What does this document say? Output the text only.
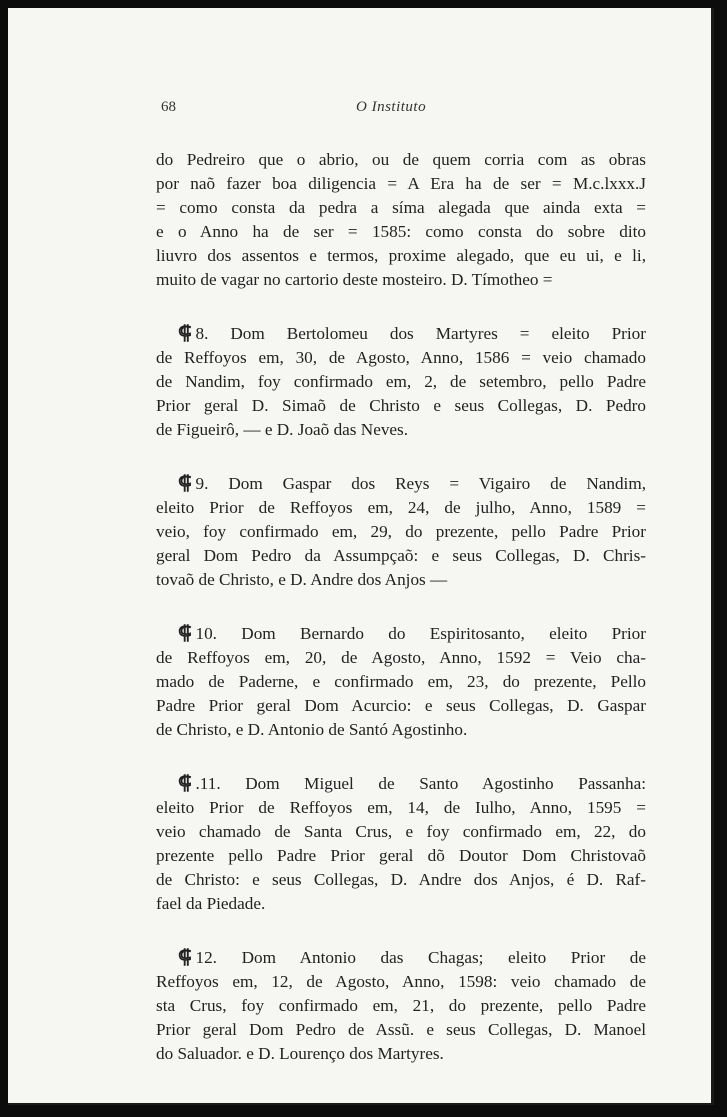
68	O Instituto

do Pedreiro que o abrio, ou de quem corria com as obras
por naõ fazer boa diligencia = A Era ha de ser = M.c.lxxx.J
= como consta da pedra a síma alegada que ainda exta =
e o Anno ha de ser = 1585: como consta do sobre dito
liuvro dos assentos e termos, proxime alegado, que eu ui, e li,
muito de vagar no cartorio deste mosteiro. D. Tímotheo =

⸿ 8. Dom Bertolomeu dos Martyres = eleito Prior
de Reffoyos em, 30, de Agosto, Anno, 1586 = veio chamado
de Nandim, foy confirmado em, 2, de setembro, pello Padre
Prior geral D. Simaõ de Christo e seus Collegas, D. Pedro
de Figueirô, — e D. Joaõ das Neves.

⸿ 9. Dom Gaspar dos Reys = Vigairo de Nandim,
eleito Prior de Reffoyos em, 24, de julho, Anno, 1589 =
veio, foy confirmado em, 29, do prezente, pello Padre Prior
geral Dom Pedro da Assumpçaõ: e seus Collegas, D. Chris-
tovaõ de Christo, e D. Andre dos Anjos —

⸿ 10. Dom Bernardo do Espiritosanto, eleito Prior
de Reffoyos em, 20, de Agosto, Anno, 1592 = Veio cha-
mado de Paderne, e confirmado em, 23, do prezente, Pello
Padre Prior geral Dom Acurcio: e seus Collegas, D. Gaspar
de Christo, e D. Antonio de Santó Agostinho.

⸿ .11. Dom Miguel de Santo Agostinho Passanha:
eleito Prior de Reffoyos em, 14, de Iulho, Anno, 1595 =
veio chamado de Santa Crus, e foy confirmado em, 22, do
prezente pello Padre Prior geral dõ Doutor Dom Christovaõ
de Christo: e seus Collegas, D. Andre dos Anjos, é D. Raf-
fael da Piedade.

⸿ 12. Dom Antonio das Chagas; eleito Prior de
Reffoyos em, 12, de Agosto, Anno, 1598: veio chamado de
sta Crus, foy confirmado em, 21, do prezente, pello Padre
Prior geral Dom Pedro de Assũ. e seus Collegas, D. Manoel
do Saluador. e D. Lourenço dos Martyres.
